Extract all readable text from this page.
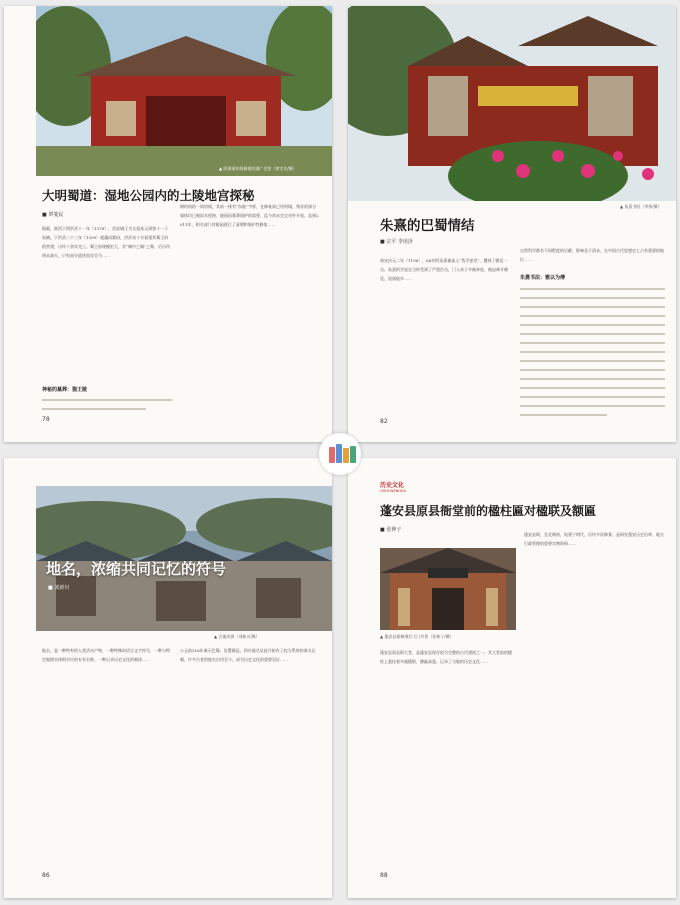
▲ 明嘉靖年间修建的湖广会馆（黄定先/摄）
大明蜀道：湿地公园内的土陵地宫探秘
■ 覃笺民
据载，陕西于明洪武十一年（1378），西安城王为太祖朱元璋第十一子朱椿。于洪武二十三年（1390）就藩成都府，洪武帝十分看重其蜀王府的营建，历经十余年完工。蜀王府规模宏大，有“城中之城”之称，后历经明末战火，只有部分遗迹留存至今……
神秘的墓葬：猫王陵
钢结构的一间房间，其前一排有“东陵”字样，在修复前已经坍塌，残存的部分墙体均已被雨水侵蚀，陵园因墓葬保护的需要，迄今尚未完全对外开放。直到2011年，相关部门对陵园进行了清理和保护性修复……
78
▲ 朱熹书院（李伟/摄）
朱熹的巴蜀情结
■ 宗平 李用泽
南宋庆元二年（1196），66岁的朱熹被诬入“伪学逆党”，遭到了朝廷一击。朱熹的学说在当时受到了严重打击，门人弟子多被牵连，被迫离开朝廷，流落他乡……
自然科学都有不同程度的贡献，影响及于清末，在中国古代思想史上占有重要的地位……
朱熹书法：雅以为傅
82
地名，浓缩共同记忆的符号
■ 刘新川
▲ 古镇风貌（刘新川/摄）
地名，是一种特有的人类活动产物，一种特殊的语言文字符号，一种与特定地理实体相对应的专有名称，一种记录历史文化的载体……
公元前316年秦灭巴蜀，设置郡县，四川地名从此开始有了较为系统的命名记载，许多古老的地名沿用至今，成为历史文化的重要见证……
86
历史文化
LISHI WENHUA
蓬安县原县衙堂前的楹柱匾对楹联及额匾
■ 张伸子
▲ 蓬安县衙修缮后大门外景（张伸子/摄）
蓬安县原县衙大堂，是蓬安县现存较为完整的古代建筑之一，其大堂前的楹柱上悬挂着多副楹联，额匾高悬，记录了当地的历史文化……
蓬安县衙，坐北朝南，始建于明代，历经多次修葺，是研究蓬安历史沿革、地方行政管理的重要实物资料……
88
